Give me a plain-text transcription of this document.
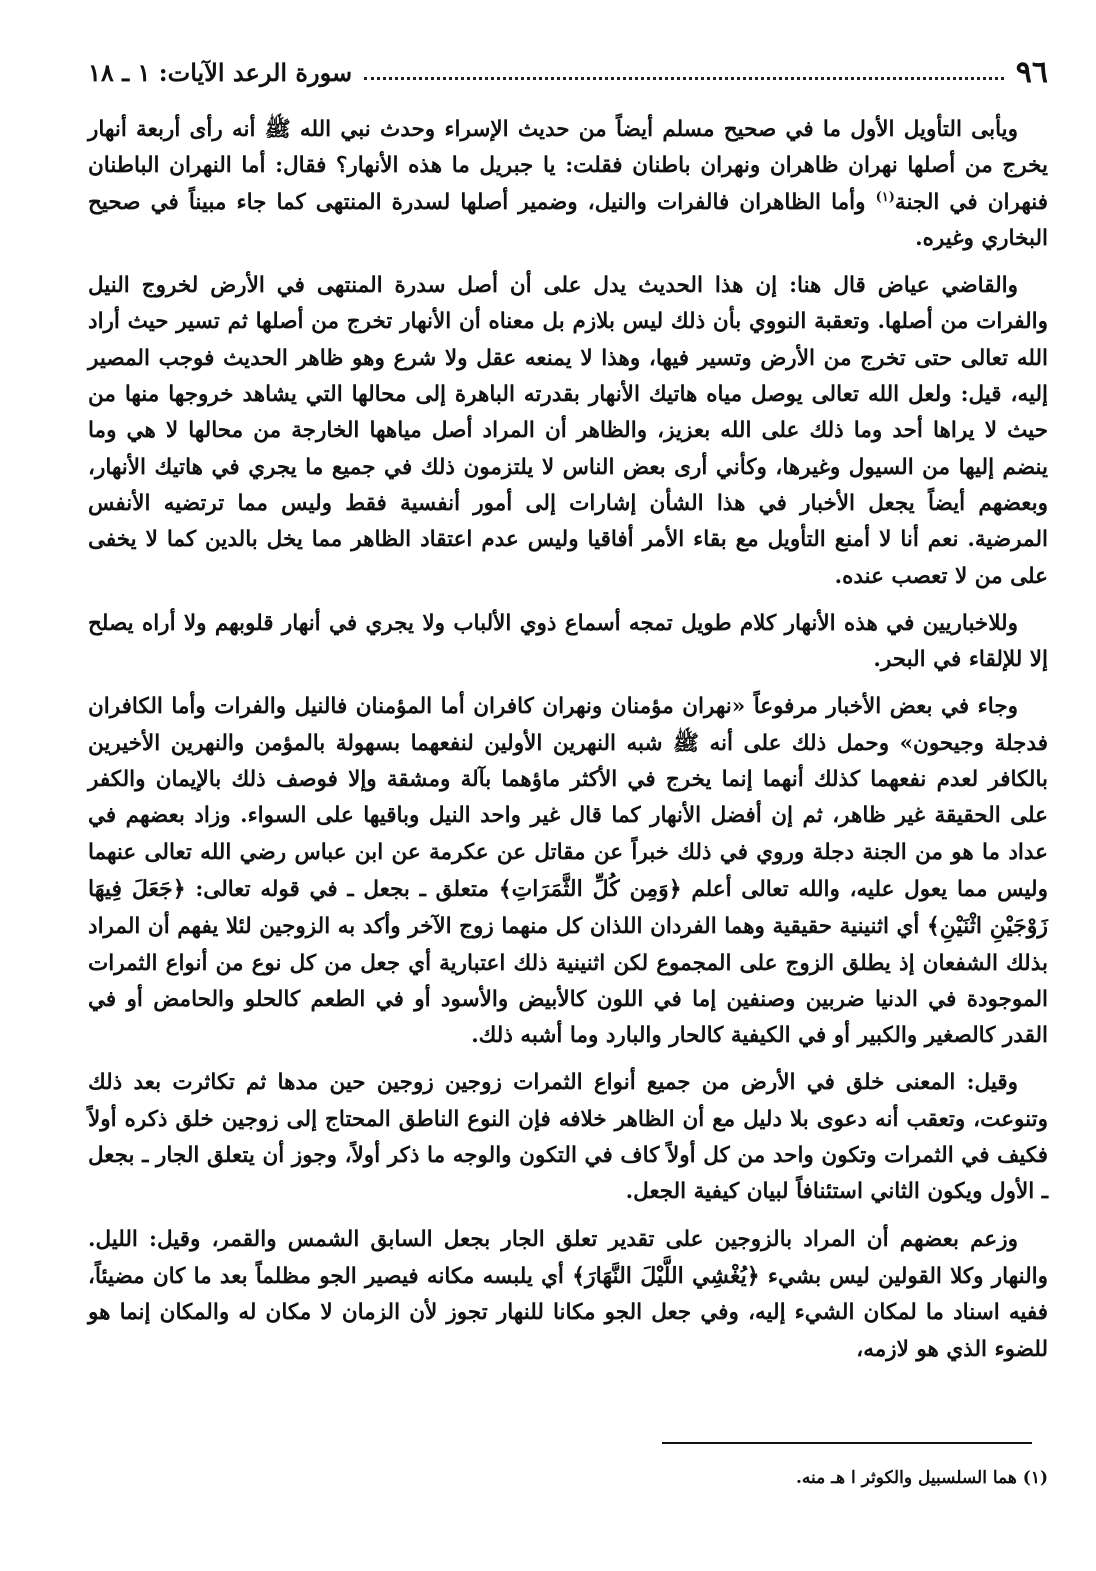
٩٦
سورة الرعد الآيات: ١ ـ ١٨

ويأبى التأويل الأول ما في صحيح مسلم أيضاً من حديث الإسراء وحدث نبي الله ﷺ أنه رأى أربعة أنهار يخرج من أصلها نهران ظاهران ونهران باطنان فقلت: يا جبريل ما هذه الأنهار؟ فقال: أما النهران الباطنان فنهران في الجنة$^{(١)}$ وأما الظاهران فالفرات والنيل، وضمير أصلها لسدرة المنتهى كما جاء مبيناً في صحيح البخاري وغيره.

والقاضي عياض قال هنا: إن هذا الحديث يدل على أن أصل سدرة المنتهى في الأرض لخروج النيل والفرات من أصلها. وتعقبة النووي بأن ذلك ليس بلازم بل معناه أن الأنهار تخرج من أصلها ثم تسير حيث أراد الله تعالى حتى تخرج من الأرض وتسير فيها، وهذا لا يمنعه عقل ولا شرع وهو ظاهر الحديث فوجب المصير إليه، قيل: ولعل الله تعالى يوصل مياه هاتيك الأنهار بقدرته الباهرة إلى محالها التي يشاهد خروجها منها من حيث لا يراها أحد وما ذلك على الله بعزيز، والظاهر أن المراد أصل مياهها الخارجة من محالها لا هي وما ينضم إليها من السيول وغيرها، وكأني أرى بعض الناس لا يلتزمون ذلك في جميع ما يجري في هاتيك الأنهار، وبعضهم أيضاً يجعل الأخبار في هذا الشأن إشارات إلى أمور أنفسية فقط وليس مما ترتضيه الأنفس المرضية. نعم أنا لا أمنع التأويل مع بقاء الأمر أفاقيا وليس عدم اعتقاد الظاهر مما يخل بالدين كما لا يخفى على من لا تعصب عنده.

وللاخباريين في هذه الأنهار كلام طويل تمجه أسماع ذوي الألباب ولا يجري في أنهار قلوبهم ولا أراه يصلح إلا للإلقاء في البحر.

وجاء في بعض الأخبار مرفوعاً «نهران مؤمنان ونهران كافران أما المؤمنان فالنيل والفرات وأما الكافران فدجلة وجيحون» وحمل ذلك على أنه ﷺ شبه النهرين الأولين لنفعهما بسهولة بالمؤمن والنهرين الأخيرين بالكافر لعدم نفعهما كذلك أنهما إنما يخرج في الأكثر ماؤهما بآلة ومشقة وإلا فوصف ذلك بالإيمان والكفر على الحقيقة غير ظاهر، ثم إن أفضل الأنهار كما قال غير واحد النيل وباقيها على السواء. وزاد بعضهم في عداد ما هو من الجنة دجلة وروي في ذلك خبراً عن مقاتل عن عكرمة عن ابن عباس رضي الله تعالى عنهما وليس مما يعول عليه، والله تعالى أعلم ﴿وَمِن كُلِّ الثَّمَرَاتِ﴾ متعلق ـ بجعل ـ في قوله تعالى: ﴿جَعَلَ فِيهَا زَوْجَيْنِ اثْنَيْنِ﴾ أي اثنينية حقيقية وهما الفردان اللذان كل منهما زوج الآخر وأكد به الزوجين لئلا يفهم أن المراد بذلك الشفعان إذ يطلق الزوج على المجموع لكن اثنينية ذلك اعتبارية أي جعل من كل نوع من أنواع الثمرات الموجودة في الدنيا ضربين وصنفين إما في اللون كالأبيض والأسود أو في الطعم كالحلو والحامض أو في القدر كالصغير والكبير أو في الكيفية كالحار والبارد وما أشبه ذلك.

وقيل: المعنى خلق في الأرض من جميع أنواع الثمرات زوجين زوجين حين مدها ثم تكاثرت بعد ذلك وتنوعت، وتعقب أنه دعوى بلا دليل مع أن الظاهر خلافه فإن النوع الناطق المحتاج إلى زوجين خلق ذكره أولاً فكيف في الثمرات وتكون واحد من كل أولاً كاف في التكون والوجه ما ذكر أولاً، وجوز أن يتعلق الجار ـ بجعل ـ الأول ويكون الثاني استئنافاً لبيان كيفية الجعل.

وزعم بعضهم أن المراد بالزوجين على تقدير تعلق الجار بجعل السابق الشمس والقمر، وقيل: الليل. والنهار وكلا القولين ليس بشيء ﴿يُغْشِي اللَّيْلَ النَّهَارَ﴾ أي يلبسه مكانه فيصير الجو مظلماً بعد ما كان مضيئاً، ففيه اسناد ما لمكان الشيء إليه، وفي جعل الجو مكانا للنهار تجوز لأن الزمان لا مكان له والمكان إنما هو للضوء الذي هو لازمه،

(١) هما السلسبيل والكوثر ا هـ منه.
